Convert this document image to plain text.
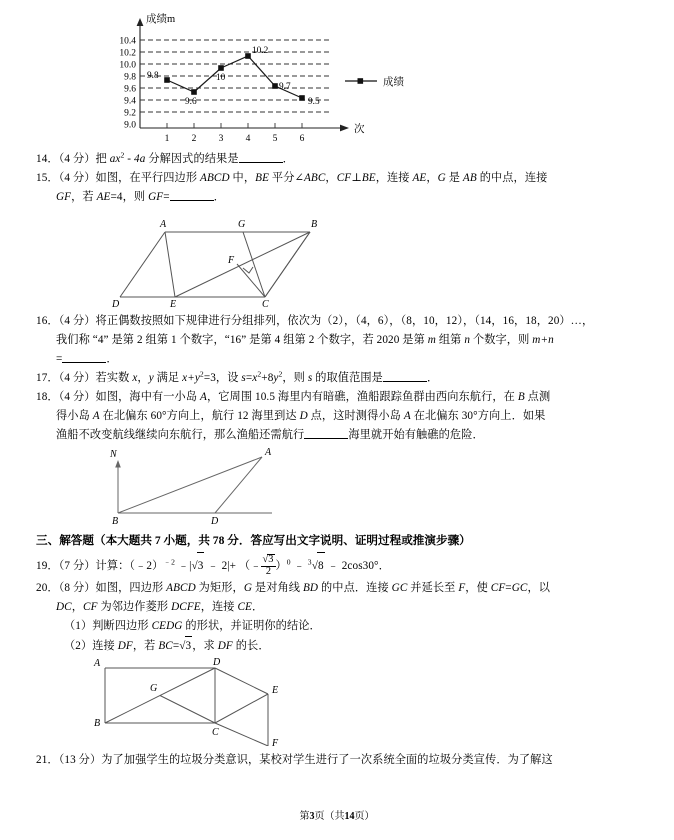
成绩m
次
10.4
10.2
10.0
9.8
9.6
9.4
9.2
9.0
1 2 3 4 5 6
9.8
9.6
10
10.2
9.7
9.5
成绩
14．（4 分）把 $ax^2 - 4a$ 分解因式的结果是	．
15．（4 分）如图，在平行四边形 ABCD 中，BE 平分∠ABC，CF⊥BE，连接 AE，G 是 AB 的中点，连接
GF，若 AE=4，则 GF=	．
A	G	B
F
D	E	C
16．（4 分）将正偶数按照如下规律进行分组排列，依次为（2），（4，6），（8，10，12），（14，16，18，20）…，
我们称 “4” 是第 2 组第 1 个数字，“16” 是第 4 组第 2 个数字，若 2020 是第 m 组第 n 个数字，则 m+n
=	．
17．（4 分）若实数 x，y 满足 $x+y^2=3$，设 $s=x^2+8y^2$，则 s 的取值范围是	．
18．（4 分）如图，海中有一小岛 A，它周围 10.5 海里内有暗礁，渔船跟踪鱼群由西向东航行，在 B 点测
得小岛 A 在北偏东 60°方向上，航行 12 海里到达 D 点，这时测得小岛 A 在北偏东 30°方向上．如果
渔船不改变航线继续向东航行，那么渔船还需航行	海里就开始有触礁的危险．
N	A
B	D
三、解答题（本大题共 7 小题，共 78 分．答应写出文字说明、证明过程或推演步骤）
19．（7 分）计算：（﹣2）$^{﹣2}$ ﹣|√3 ﹣ 2|+ （﹣ $\frac{√3}{2} )^0$ ﹣ $^3$√8 ﹣ 2cos30°．
20．（8 分）如图，四边形 ABCD 为矩形，G 是对角线 BD 的中点．连接 GC 并延长至 F，使 CF=GC，以
DC，CF 为邻边作菱形 DCFE，连接 CE．
（1）判断四边形 CEDG 的形状，并证明你的结论．
（2）连接 DF，若 BC=√3，求 DF 的长．
A	D
G	E
B
C
F
21．（13 分）为了加强学生的垃圾分类意识，某校对学生进行了一次系统全面的垃圾分类宣传．为了解这
第3页（共14页）
